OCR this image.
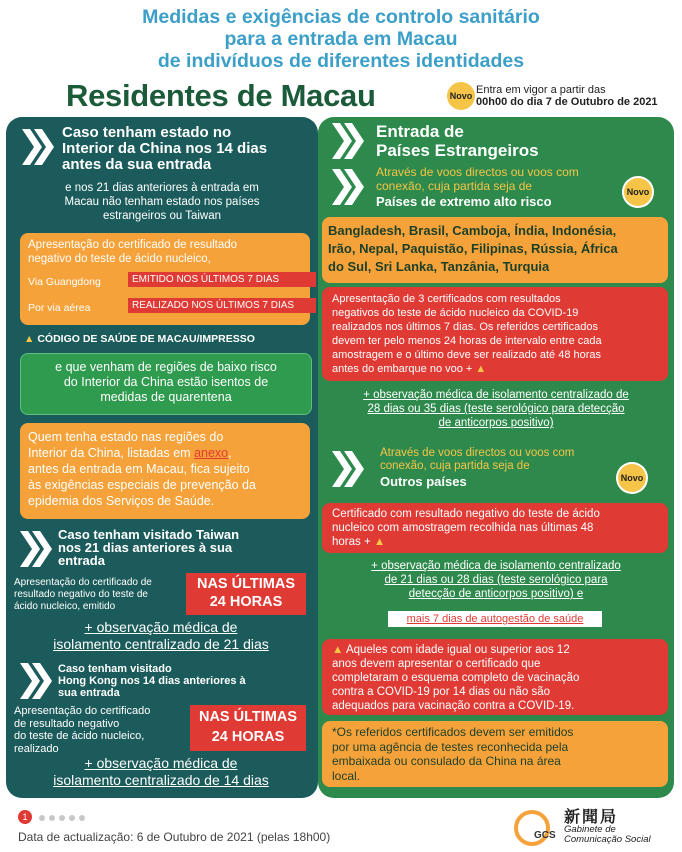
Medidas e exigências de controlo sanitário
para a entrada em Macau
de indivíduos de diferentes identidades
Residentes de Macau	Novo Entra em vigor a partir das
00h00 do dia 7 de Outubro de 2021
Caso tenham estado no
Interior da China nos 14 dias
antes da sua entrada
e nos 21 dias anteriores à entrada em
Macau não tenham estado nos países
estrangeiros ou Taiwan
Apresentação do certificado de resultado
negativo do teste de ácido nucleico,
Via Guangdong	EMITIDO NOS ÚLTIMOS 7 DIAS
Por via aérea	REALIZADO NOS ÚLTIMOS 7 DIAS
▲ CÓDIGO DE SAÚDE DE MACAU/IMPRESSO
e que venham de regiões de baixo risco
do Interior da China estão isentos de
medidas de quarentena
Quem tenha estado nas regiões do
Interior da China, listadas em anexo,
antes da entrada em Macau, fica sujeito
às exigências especiais de prevenção da
epidemia dos Serviços de Saúde.
Caso tenham visitado Taiwan
nos 21 dias anteriores à sua
entrada
Apresentação do certificado de
resultado negativo do teste de
ácido nucleico, emitido
NAS ÚLTIMAS
24 HORAS
+ observação médica de
isolamento centralizado de 21 dias
Caso tenham visitado
Hong Kong nos 14 dias anteriores à
sua entrada
Apresentação do certificado
de resultado negativo
do teste de ácido nucleico,
realizado
NAS ÚLTIMAS
24 HORAS
+ observação médica de
isolamento centralizado de 14 dias
Entrada de
Países Estrangeiros
Através de voos directos ou voos com
conexão, cuja partida seja de
Países de extremo alto risco
Novo
Bangladesh, Brasil, Camboja, Índia, Indonésia,
Irão, Nepal, Paquistão, Filipinas, Rússia, África
do Sul, Sri Lanka, Tanzânia, Turquia
Apresentação de 3 certificados com resultados
negativos do teste de ácido nucleico da COVID-19
realizados nos últimos 7 dias. Os referidos certificados
devem ter pelo menos 24 horas de intervalo entre cada
amostragem e o último deve ser realizado até 48 horas
antes do embarque no voo + ▲
+ observação médica de isolamento centralizado de
28 dias ou 35 dias (teste serológico para detecção
de anticorpos positivo)
Através de voos directos ou voos com
conexão, cuja partida seja de
Outros países	Novo
Certificado com resultado negativo do teste de ácido
nucleico com amostragem recolhida nas últimas 48
horas + ▲
+ observação médica de isolamento centralizado
de 21 dias ou 28 dias (teste serológico para
detecção de anticorpos positivo) e
mais 7 dias de autogestão de saúde
▲ Aqueles com idade igual ou superior aos 12
anos devem apresentar o certificado que
completaram o esquema completo de vacinação
contra a COVID-19 por 14 dias ou não são
adequados para vacinação contra a COVID-19.
*Os referidos certificados devem ser emitidos
por uma agência de testes reconhecida pela
embaixada ou consulado da China na área
local.
1
Data de actualização: 6 de Outubro de 2021 (pelas 18h00)	GCS
新聞局
Gabinete de
Comunicação Social
